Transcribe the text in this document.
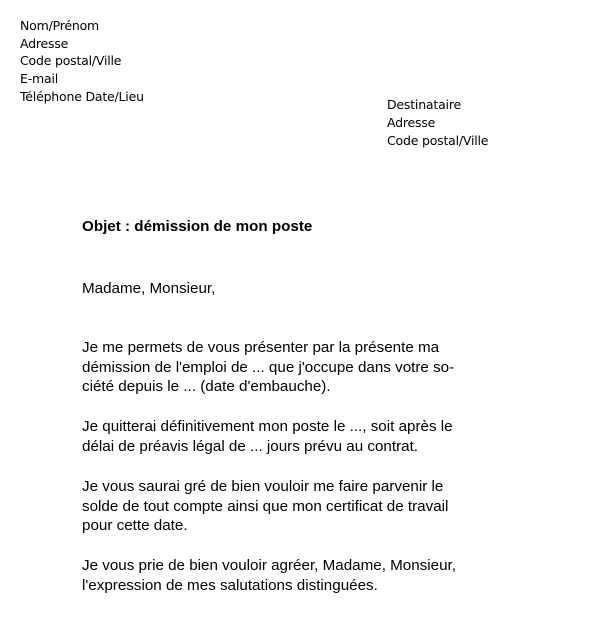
Nom/Prénom
Adresse
Code postal/Ville
E-mail
Téléphone Date/Lieu
Destinataire
Adresse
Code postal/Ville
Objet : démission de mon poste
Madame, Monsieur,
Je me permets de vous présenter par la présente ma
démission de l'emploi de ... que j'occupe dans votre so-
ciété depuis le ... (date d'embauche).
Je quitterai définitivement mon poste le ..., soit après le
délai de préavis légal de ... jours prévu au contrat.
Je vous saurai gré de bien vouloir me faire parvenir le
solde de tout compte ainsi que mon certificat de travail
pour cette date.
Je vous prie de bien vouloir agréer, Madame, Monsieur,
l'expression de mes salutations distinguées.
